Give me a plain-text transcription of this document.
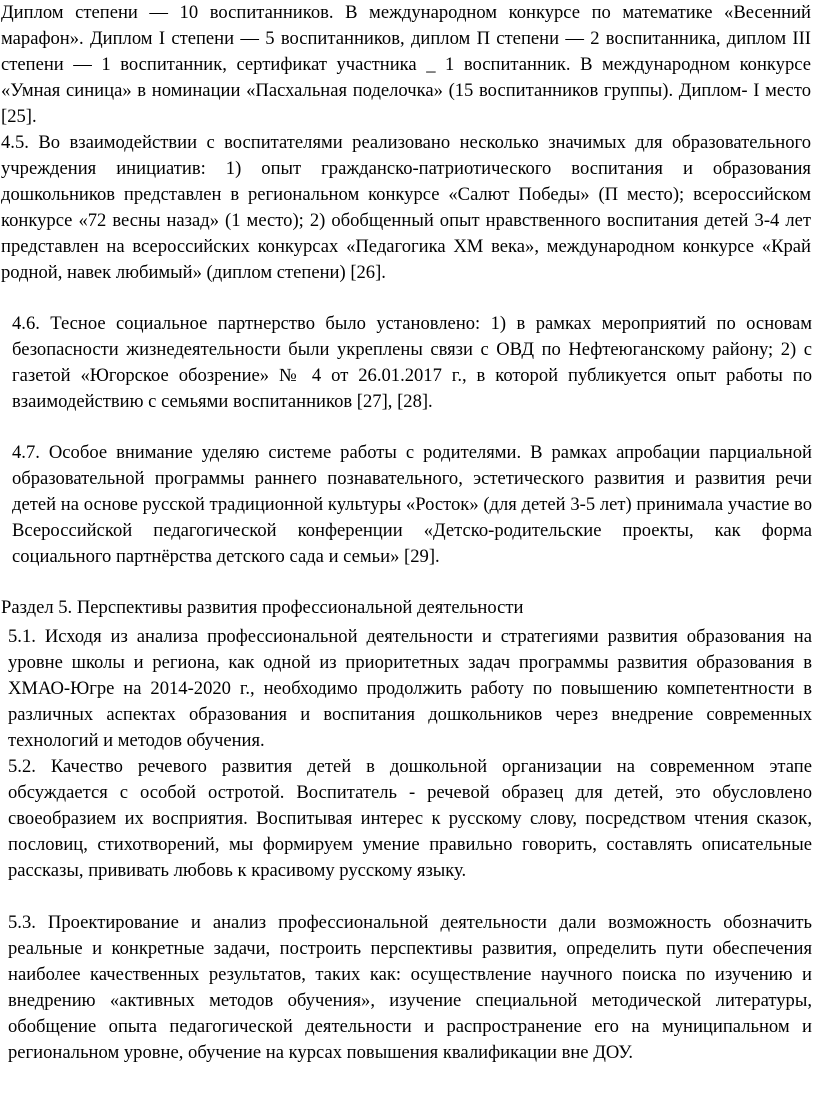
Диплом степени — 10 воспитанников. В международном конкурсе по математике «Весенний марафон». Диплом I степени — 5 воспитанников, диплом П степени — 2 воспитанника, диплом III степени — 1 воспитанник, сертификат участника _ 1 воспитанник. В международном конкурсе «Умная синица» в номинации «Пасхальная поделочка» (15 воспитанников группы). Диплом- I место [25].
4.5. Во взаимодействии с воспитателями реализовано несколько значимых для образовательного учреждения инициатив: 1) опыт гражданско-патриотического воспитания и образования дошкольников представлен в региональном конкурсе «Салют Победы» (П место); всероссийском конкурсе «72 весны назад» (1 место); 2) обобщенный опыт нравственного воспитания детей 3-4 лет представлен на всероссийских конкурсах «Педагогика ХМ века», международном конкурсе «Край родной, навек любимый» (диплом степени) [26].
4.6. Тесное социальное партнерство было установлено: 1) в рамках мероприятий по основам безопасности жизнедеятельности были укреплены связи с ОВД по Нефтеюганскому району; 2) с газетой «Югорское обозрение» № 4 от 26.01.2017 г., в которой публикуется опыт работы по взаимодействию с семьями воспитанников [27], [28].
4.7. Особое внимание уделяю системе работы с родителями. В рамках апробации парциальной образовательной программы раннего познавательного, эстетического развития и развития речи детей на основе русской традиционной культуры «Росток» (для детей 3-5 лет) принимала участие во Всероссийской педагогической конференции «Детско-родительские проекты, как форма социального партнёрства детского сада и семьи» [29].
Раздел 5. Перспективы развития профессиональной деятельности
5.1. Исходя из анализа профессиональной деятельности и стратегиями развития образования на уровне школы и региона, как одной из приоритетных задач программы развития образования в ХМАО-Югре на 2014-2020 г., необходимо продолжить работу по повышению компетентности в различных аспектах образования и воспитания дошкольников через внедрение современных технологий и методов обучения.
5.2. Качество речевого развития детей в дошкольной организации на современном этапе обсуждается с особой остротой. Воспитатель - речевой образец для детей, это обусловлено своеобразием их восприятия. Воспитывая интерес к русскому слову, посредством чтения сказок, пословиц, стихотворений, мы формируем умение правильно говорить, составлять описательные рассказы, прививать любовь к красивому русскому языку.
5.3. Проектирование и анализ профессиональной деятельности дали возможность обозначить реальные и конкретные задачи, построить перспективы развития, определить пути обеспечения наиболее качественных результатов, таких как: осуществление научного поиска по изучению и внедрению «активных методов обучения», изучение специальной методической литературы, обобщение опыта педагогической деятельности и распространение его на муниципальном и региональном уровне, обучение на курсах повышения квалификации вне ДОУ.
